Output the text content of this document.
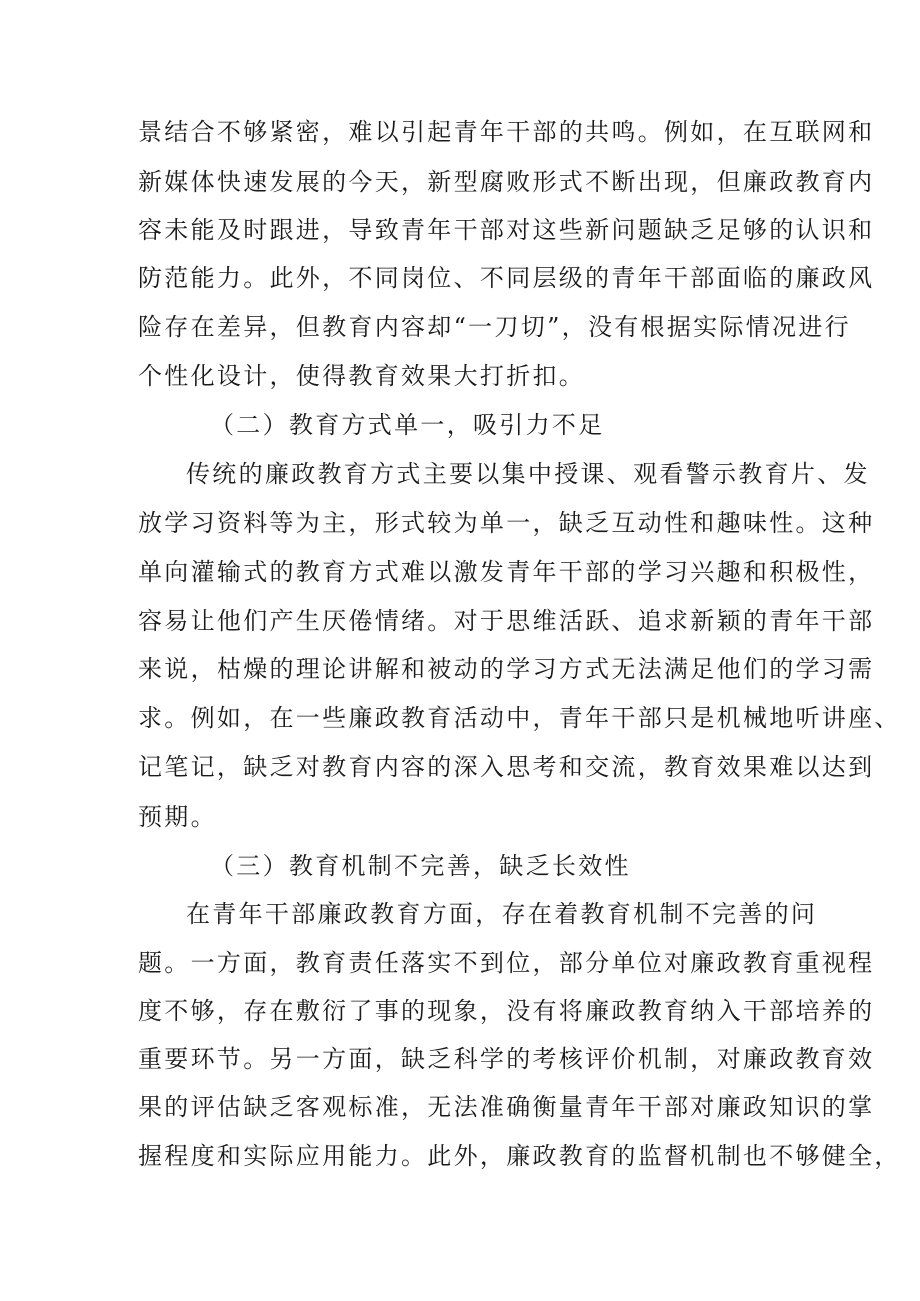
景结合不够紧密，难以引起青年干部的共鸣。例如，在互联网和
新媒体快速发展的今天，新型腐败形式不断出现，但廉政教育内
容未能及时跟进，导致青年干部对这些新问题缺乏足够的认识和
防范能力。此外，不同岗位、不同层级的青年干部面临的廉政风
险存在差异，但教育内容却“一刀切”，没有根据实际情况进行
个性化设计，使得教育效果大打折扣。
（二）教育方式单一，吸引力不足
传统的廉政教育方式主要以集中授课、观看警示教育片、发
放学习资料等为主，形式较为单一，缺乏互动性和趣味性。这种
单向灌输式的教育方式难以激发青年干部的学习兴趣和积极性，
容易让他们产生厌倦情绪。对于思维活跃、追求新颖的青年干部
来说，枯燥的理论讲解和被动的学习方式无法满足他们的学习需
求。例如，在一些廉政教育活动中，青年干部只是机械地听讲座、
记笔记，缺乏对教育内容的深入思考和交流，教育效果难以达到
预期。
（三）教育机制不完善，缺乏长效性
在青年干部廉政教育方面，存在着教育机制不完善的问
题。一方面，教育责任落实不到位，部分单位对廉政教育重视程
度不够，存在敷衍了事的现象，没有将廉政教育纳入干部培养的
重要环节。另一方面，缺乏科学的考核评价机制，对廉政教育效
果的评估缺乏客观标准，无法准确衡量青年干部对廉政知识的掌
握程度和实际应用能力。此外，廉政教育的监督机制也不够健全，
